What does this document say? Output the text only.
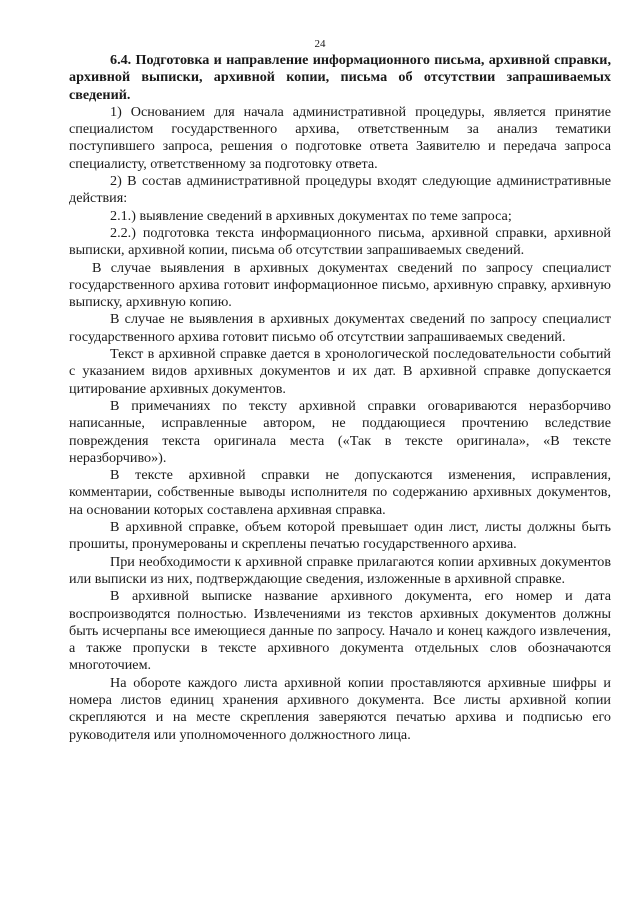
24

6.4. Подготовка и направление информационного письма, архивной справки, архивной выписки, архивной копии, письма об отсутствии запрашиваемых сведений.

1) Основанием для начала административной процедуры, является принятие специалистом государственного архива, ответственным за анализ тематики поступившего запроса, решения о подготовке ответа Заявителю и передача запроса специалисту, ответственному за подготовку ответа.

2) В состав административной процедуры входят следующие административные действия:

2.1.) выявление сведений в архивных документах по теме запроса;

2.2.) подготовка текста информационного письма, архивной справки, архивной выписки, архивной копии, письма об отсутствии запрашиваемых сведений.

В случае выявления в архивных документах сведений по запросу специалист государственного архива готовит информационное письмо, архивную справку, архивную выписку, архивную копию.

В случае не выявления в архивных документах сведений по запросу специалист государственного архива готовит письмо об отсутствии запрашиваемых сведений.

Текст в архивной справке дается в хронологической последовательности событий с указанием видов архивных документов и их дат. В архивной справке допускается цитирование архивных документов.

В примечаниях по тексту архивной справки оговариваются неразборчиво написанные, исправленные автором, не поддающиеся прочтению вследствие повреждения текста оригинала места («Так в тексте оригинала», «В тексте неразборчиво»).

В тексте архивной справки не допускаются изменения, исправления, комментарии, собственные выводы исполнителя по содержанию архивных документов, на основании которых составлена архивная справка.

В архивной справке, объем которой превышает один лист, листы должны быть прошиты, пронумерованы и скреплены печатью государственного архива.

При необходимости к архивной справке прилагаются копии архивных документов или выписки из них, подтверждающие сведения, изложенные в архивной справке.

В архивной выписке название архивного документа, его номер и дата воспроизводятся полностью. Извлечениями из текстов архивных документов должны быть исчерпаны все имеющиеся данные по запросу. Начало и конец каждого извлечения, а также пропуски в тексте архивного документа отдельных слов обозначаются многоточием.

На обороте каждого листа архивной копии проставляются архивные шифры и номера листов единиц хранения архивного документа. Все листы архивной копии скрепляются и на месте скрепления заверяются печатью архива и подписью его руководителя или уполномоченного должностного лица.
